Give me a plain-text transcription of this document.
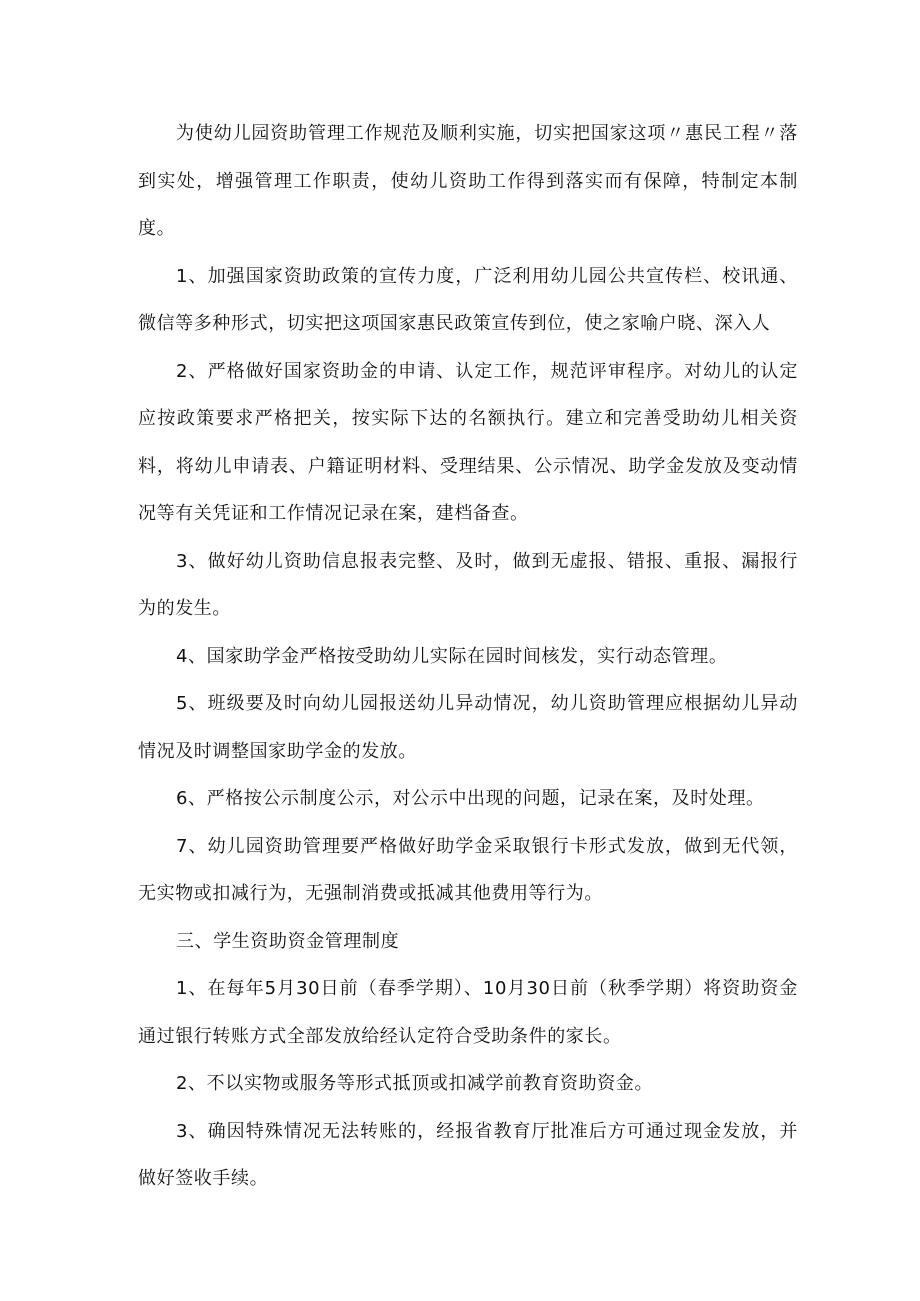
为使幼儿园资助管理工作规范及顺利实施，切实把国家这项〃惠民工程〃落到实处，增强管理工作职责，使幼儿资助工作得到落实而有保障，特制定本制度。

1、加强国家资助政策的宣传力度，广泛利用幼儿园公共宣传栏、校讯通、微信等多种形式，切实把这项国家惠民政策宣传到位，使之家喻户晓、深入人

2、严格做好国家资助金的申请、认定工作，规范评审程序。对幼儿的认定应按政策要求严格把关，按实际下达的名额执行。建立和完善受助幼儿相关资料，将幼儿申请表、户籍证明材料、受理结果、公示情况、助学金发放及变动情况等有关凭证和工作情况记录在案，建档备查。

3、做好幼儿资助信息报表完整、及时，做到无虚报、错报、重报、漏报行为的发生。

4、国家助学金严格按受助幼儿实际在园时间核发，实行动态管理。

5、班级要及时向幼儿园报送幼儿异动情况，幼儿资助管理应根据幼儿异动情况及时调整国家助学金的发放。

6、严格按公示制度公示，对公示中出现的问题，记录在案，及时处理。

7、幼儿园资助管理要严格做好助学金采取银行卡形式发放，做到无代领，无实物或扣减行为，无强制消费或抵减其他费用等行为。

三、学生资助资金管理制度

1、在每年5月30日前（春季学期）、10月30日前（秋季学期）将资助资金通过银行转账方式全部发放给经认定符合受助条件的家长。

2、不以实物或服务等形式抵顶或扣减学前教育资助资金。

3、确因特殊情况无法转账的，经报省教育厅批准后方可通过现金发放，并做好签收手续。
